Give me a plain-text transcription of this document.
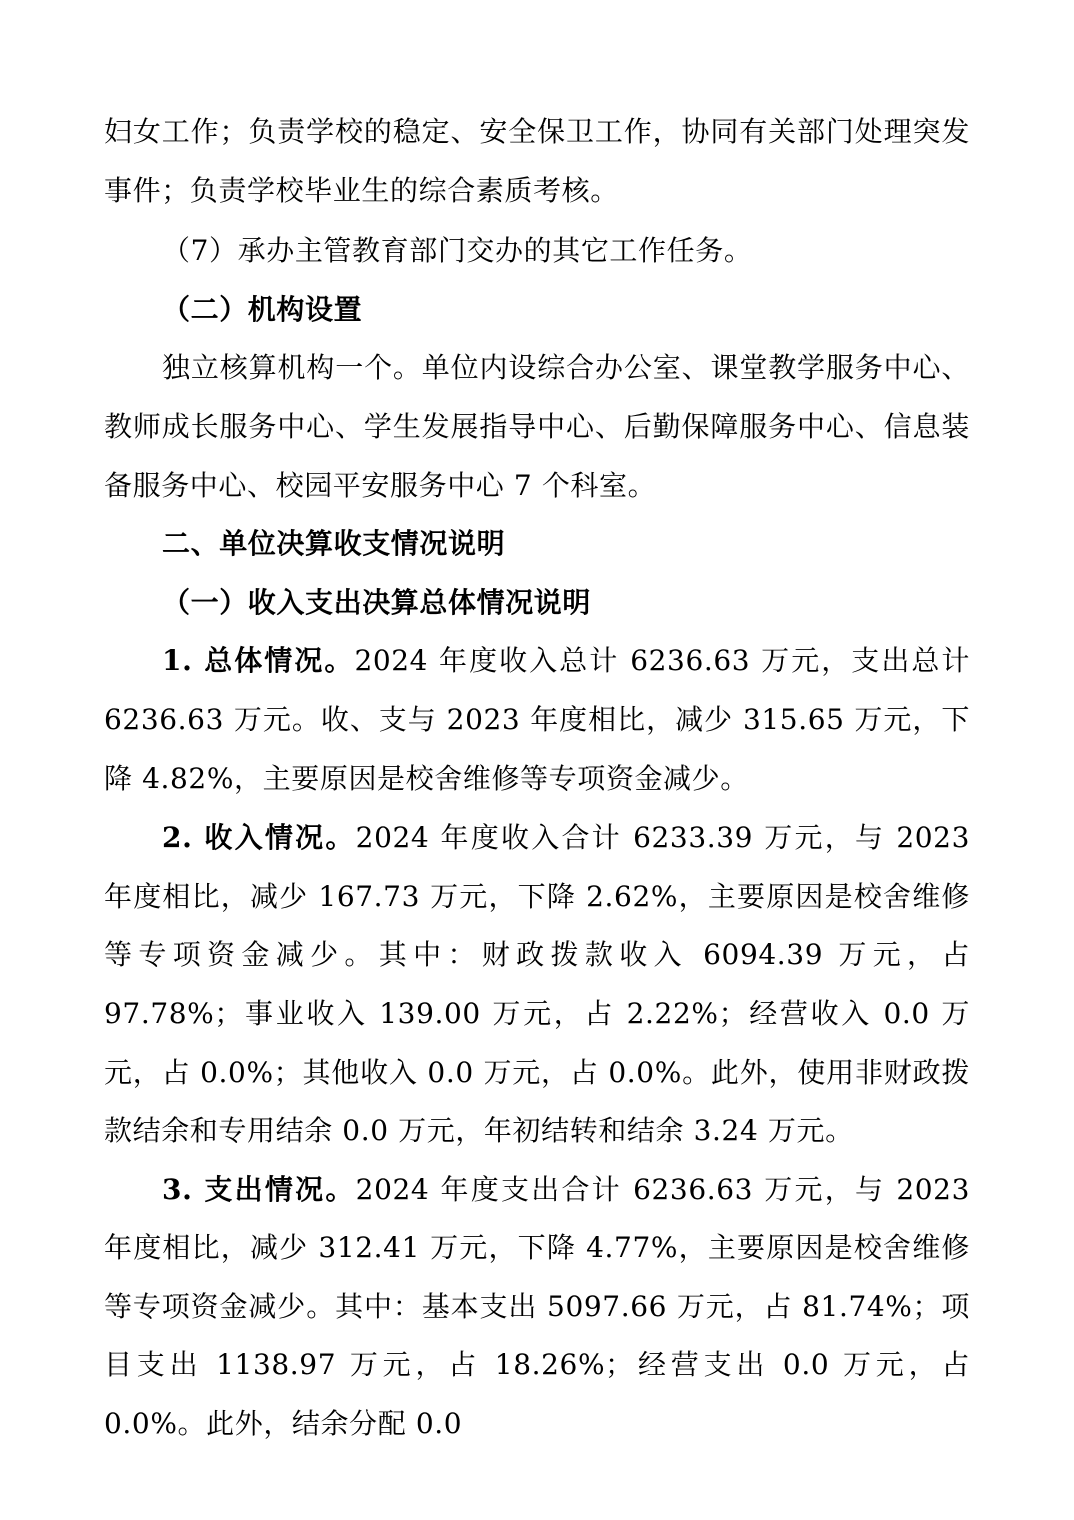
妇女工作；负责学校的稳定、安全保卫工作，协同有关部门处理突发事件；负责学校毕业生的综合素质考核。

（7）承办主管教育部门交办的其它工作任务。

（二）机构设置

独立核算机构一个。单位内设综合办公室、课堂教学服务中心、教师成长服务中心、学生发展指导中心、后勤保障服务中心、信息装备服务中心、校园平安服务中心 7 个科室。

二、单位决算收支情况说明

（一）收入支出决算总体情况说明

1. 总体情况。2024 年度收入总计 6236.63 万元，支出总计 6236.63 万元。收、支与 2023 年度相比，减少 315.65 万元，下降 4.82%，主要原因是校舍维修等专项资金减少。

2. 收入情况。2024 年度收入合计 6233.39 万元，与 2023 年度相比，减少 167.73 万元，下降 2.62%，主要原因是校舍维修等专项资金减少。其中：财政拨款收入 6094.39 万元，占 97.78%；事业收入 139.00 万元，占 2.22%；经营收入 0.0 万元，占 0.0%；其他收入 0.0 万元，占 0.0%。此外，使用非财政拨款结余和专用结余 0.0 万元，年初结转和结余 3.24 万元。

3. 支出情况。2024 年度支出合计 6236.63 万元，与 2023 年度相比，减少 312.41 万元，下降 4.77%，主要原因是校舍维修等专项资金减少。其中：基本支出 5097.66 万元，占 81.74%；项目支出 1138.97 万元，占 18.26%；经营支出 0.0 万元，占 0.0%。此外，结余分配 0.0
